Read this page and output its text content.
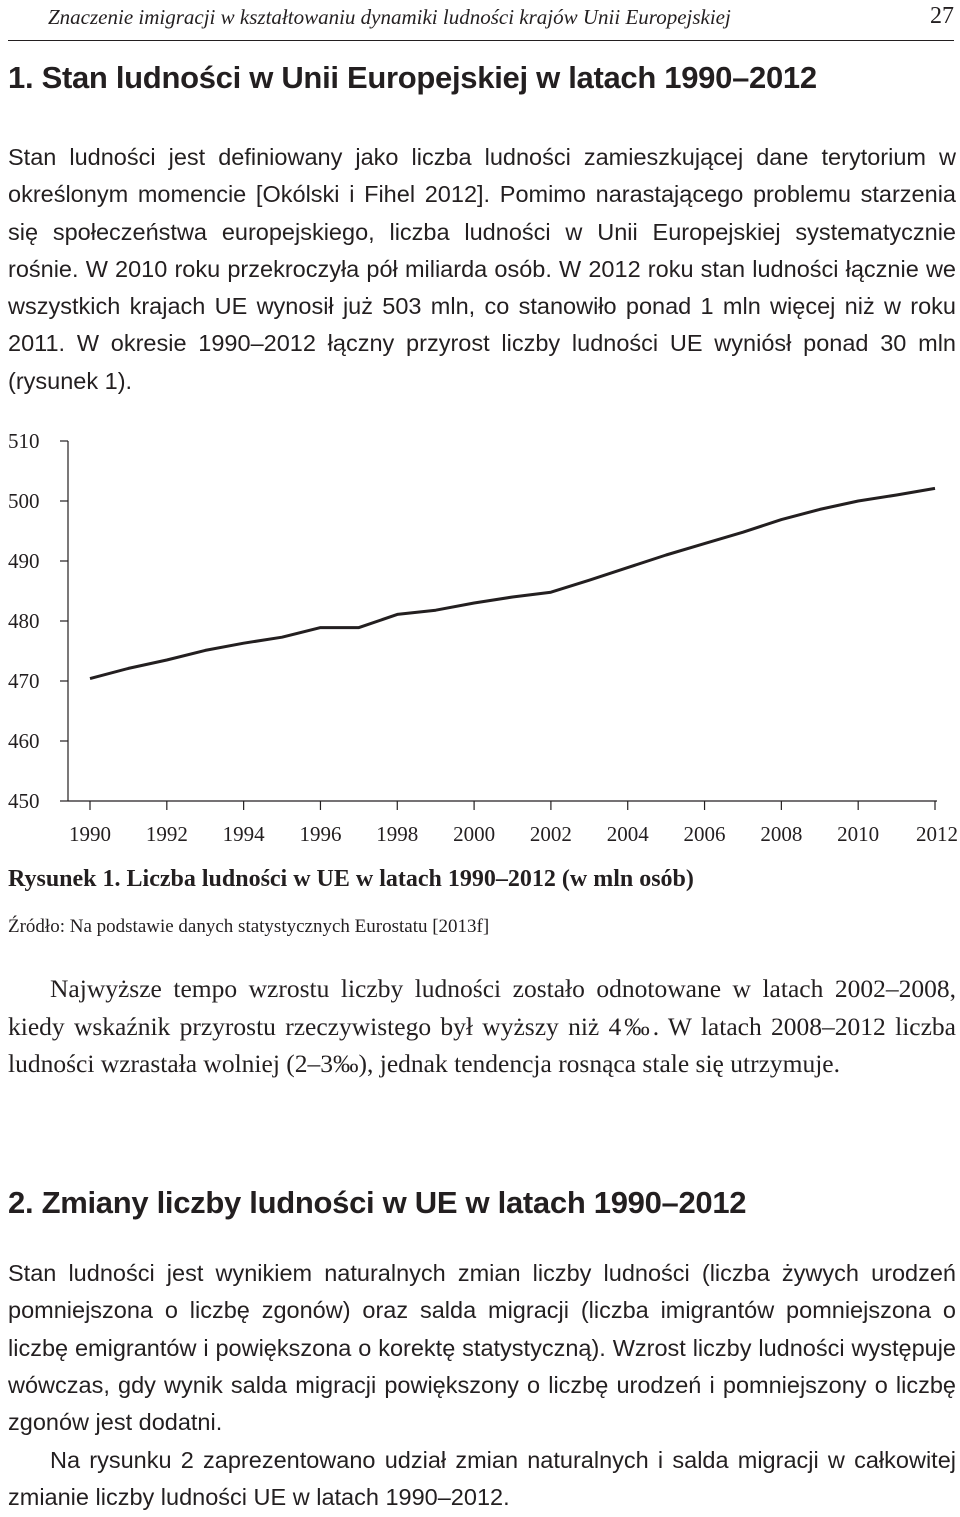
Znaczenie imigracji w kształtowaniu dynamiki ludności krajów Unii Europejskiej	27
1. Stan ludności w Unii Europejskiej w latach 1990–2012
Stan ludności jest definiowany jako liczba ludności zamieszkującej dane terytorium w określonym momencie [Okólski i Fihel 2012]. Pomimo narastającego problemu starzenia się społeczeństwa europejskiego, liczba ludności w Unii Europejskiej systematycznie rośnie. W 2010 roku przekroczyła pół miliarda osób. W 2012 roku stan ludności łącznie we wszystkich krajach UE wynosił już 503 mln, co stanowiło ponad 1 mln więcej niż w roku 2011. W okresie 1990–2012 łączny przyrost liczby ludności UE wyniósł ponad 30 mln (rysunek 1).
450
460
470
480
490
500
510
1990 1992 1994 1996 1998 2000 2002 2004 2006 2008 2010 2012
Rysunek 1. Liczba ludności w UE w latach 1990–2012 (w mln osób)
Źródło: Na podstawie danych statystycznych Eurostatu [2013f]
Najwyższe tempo wzrostu liczby ludności zostało odnotowane w latach 2002–2008, kiedy wskaźnik przyrostu rzeczywistego był wyższy niż 4‰. W latach 2008–2012 liczba ludności wzrastała wolniej (2–3‰), jednak tendencja rosnąca stale się utrzymuje.
2. Zmiany liczby ludności w UE w latach 1990–2012
Stan ludności jest wynikiem naturalnych zmian liczby ludności (liczba żywych urodzeń pomniejszona o liczbę zgonów) oraz salda migracji (liczba imigrantów pomniejszona o liczbę emigrantów i powiększona o korektę statystyczną). Wzrost liczby ludności występuje wówczas, gdy wynik salda migracji powiększony o liczbę urodzeń i pomniejszony o liczbę zgonów jest dodatni.
Na rysunku 2 zaprezentowano udział zmian naturalnych i salda migracji w całkowitej zmianie liczby ludności UE w latach 1990–2012.
